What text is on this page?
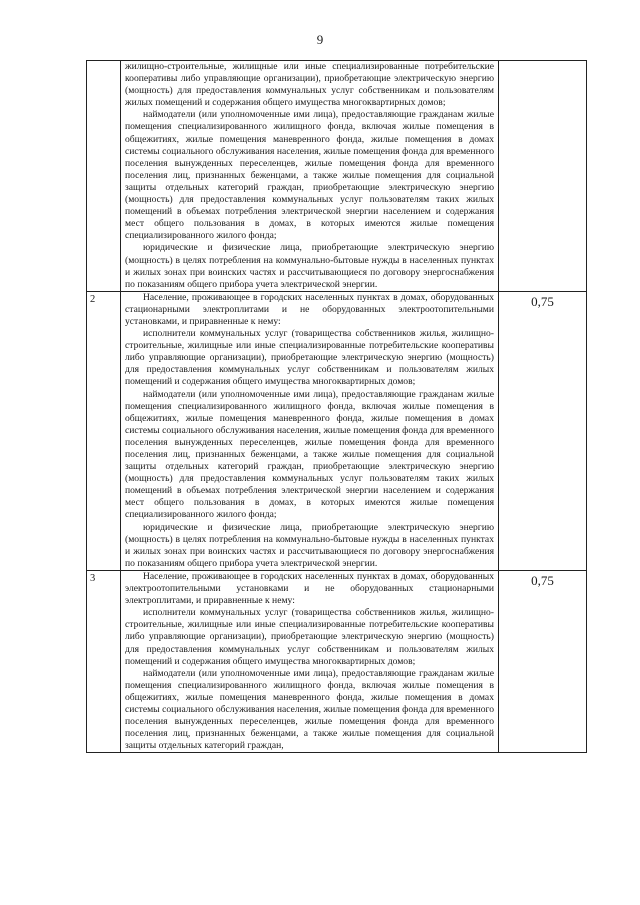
9

	жилищно-строительные, жилищные или иные специализированные потребительские кооперативы либо управляющие организации), приобретающие электрическую энергию (мощность) для предоставления коммунальных услуг собственникам и пользователям жилых помещений и содержания общего имущества многоквартирных домов;

наймодатели (или уполномоченные ими лица), предоставляющие гражданам жилые помещения специализированного жилищного фонда, включая жилые помещения в общежитиях, жилые помещения маневренного фонда, жилые помещения в домах системы социального обслуживания населения, жилые помещения фонда для временного поселения вынужденных переселенцев, жилые помещения фонда для временного поселения лиц, признанных беженцами, а также жилые помещения для социальной защиты отдельных категорий граждан, приобретающие электрическую энергию (мощность) для предоставления коммунальных услуг пользователям таких жилых помещений в объемах потребления электрической энергии населением и содержания мест общего пользования в домах, в которых имеются жилые помещения специализированного жилого фонда;

юридические и физические лица, приобретающие электрическую энергию (мощность) в целях потребления на коммунально-бытовые нужды в населенных пунктах и жилых зонах при воинских частях и рассчитывающиеся по договору энергоснабжения по показаниям общего прибора учета электрической энергии.	

2	Население, проживающее в городских населенных пунктах в домах, оборудованных стационарными электроплитами и не оборудованных электроотопительными установками, и приравненные к нему:

исполнители коммунальных услуг (товарищества собственников жилья, жилищно-строительные, жилищные или иные специализированные потребительские кооперативы либо управляющие организации), приобретающие электрическую энергию (мощность) для предоставления коммунальных услуг собственникам и пользователям жилых помещений и содержания общего имущества многоквартирных домов;

наймодатели (или уполномоченные ими лица), предоставляющие гражданам жилые помещения специализированного жилищного фонда, включая жилые помещения в общежитиях, жилые помещения маневренного фонда, жилые помещения в домах системы социального обслуживания населения, жилые помещения фонда для временного поселения вынужденных переселенцев, жилые помещения фонда для временного поселения лиц, признанных беженцами, а также жилые помещения для социальной защиты отдельных категорий граждан, приобретающие электрическую энергию (мощность) для предоставления коммунальных услуг пользователям таких жилых помещений в объемах потребления электрической энергии населением и содержания мест общего пользования в домах, в которых имеются жилые помещения специализированного жилого фонда;

юридические и физические лица, приобретающие электрическую энергию (мощность) в целях потребления на коммунально-бытовые нужды в населенных пунктах и жилых зонах при воинских частях и рассчитывающиеся по договору энергоснабжения по показаниям общего прибора учета электрической энергии.	0,75
3	Население, проживающее в городских населенных пунктах в домах, оборудованных электроотопительными установками и не оборудованных стационарными электроплитами, и приравненные к нему:

исполнители коммунальных услуг (товарищества собственников жилья, жилищно-строительные, жилищные или иные специализированные потребительские кооперативы либо управляющие организации), приобретающие электрическую энергию (мощность) для предоставления коммунальных услуг собственникам и пользователям жилых помещений и содержания общего имущества многоквартирных домов;

наймодатели (или уполномоченные ими лица), предоставляющие гражданам жилые помещения специализированного жилищного фонда, включая жилые помещения в общежитиях, жилые помещения маневренного фонда, жилые помещения в домах системы социального обслуживания населения, жилые помещения фонда для временного поселения вынужденных переселенцев, жилые помещения фонда для временного поселения лиц, признанных беженцами, а также жилые помещения для социальной защиты отдельных категорий граждан,	0,75
